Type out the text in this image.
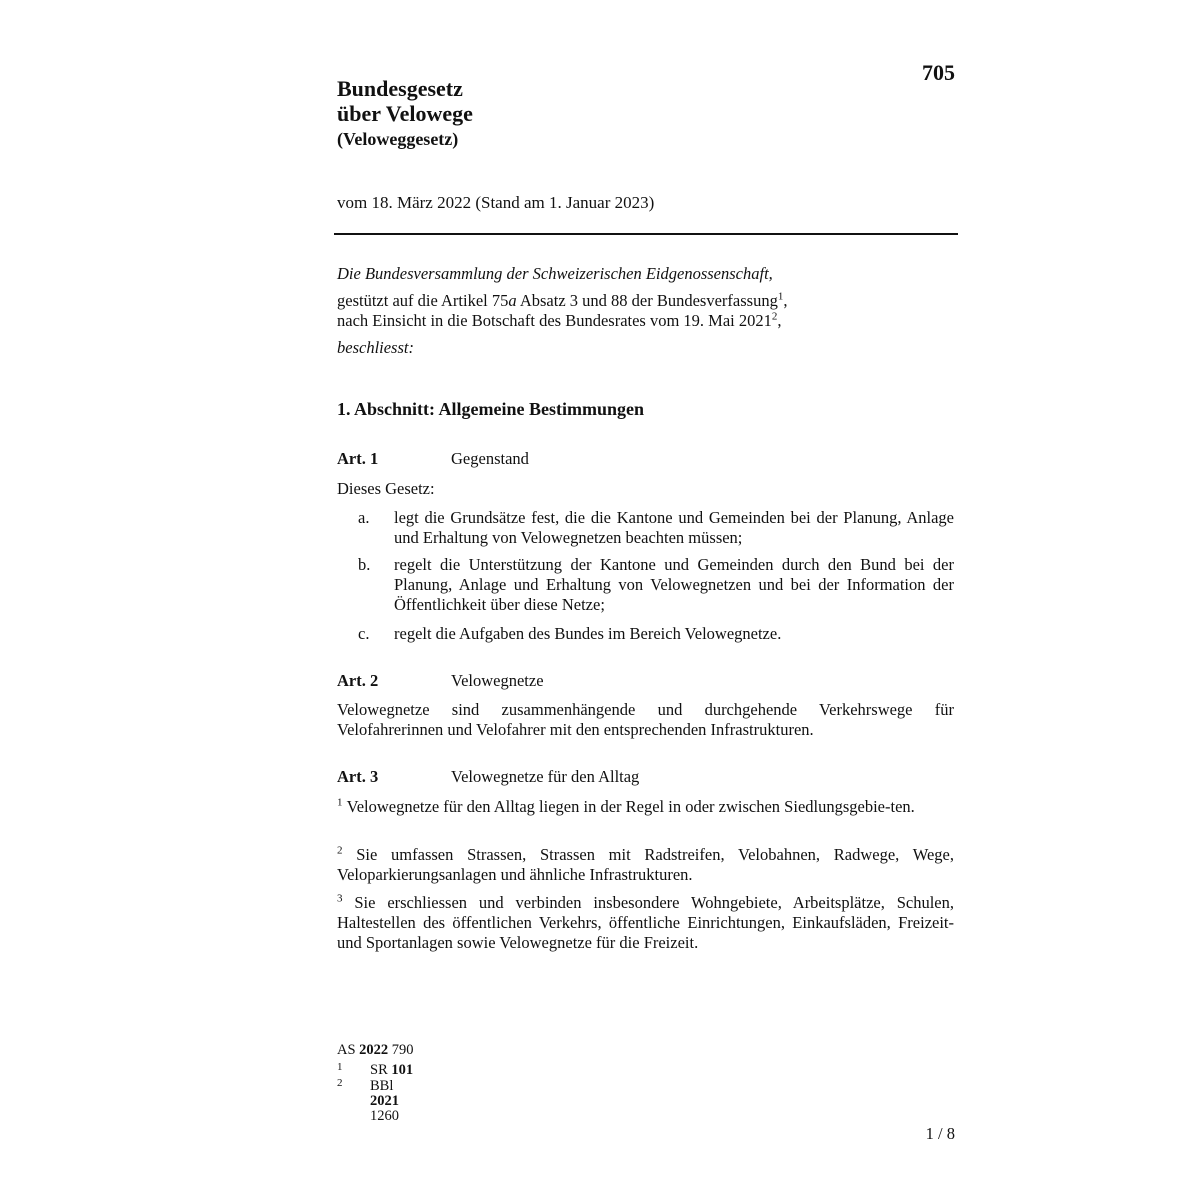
705
Bundesgesetz
über Velowege
(Veloweggesetz)
vom 18. März 2022 (Stand am 1. Januar 2023)

Die Bundesversammlung der Schweizerischen Eidgenossenschaft,

gestützt auf die Artikel 75a Absatz 3 und 88 der Bundesverfassung$^1$,

nach Einsicht in die Botschaft des Bundesrates vom 19. Mai 2021$^2$,

beschliesst:

1. Abschnitt: Allgemeine Bestimmungen
Art. 1	Gegenstand
Dieses Gesetz:
a. legt die Grundsätze fest, die die Kantone und Gemeinden bei der Planung, Anlage und Erhaltung von Velowegnetzen beachten müssen;
b. regelt die Unterstützung der Kantone und Gemeinden durch den Bund bei der Planung, Anlage und Erhaltung von Velowegnetzen und bei der Information der Öffentlichkeit über diese Netze;
c. regelt die Aufgaben des Bundes im Bereich Velowegnetze.
Art. 2	Velowegnetze
Velowegnetze sind zusammenhängende und durchgehende Verkehrswege für Velofahrerinnen und Velofahrer mit den entsprechenden Infrastrukturen.
Art. 3	Velowegnetze für den Alltag
$^1$ Velowegnetze für den Alltag liegen in der Regel in oder zwischen Siedlungsgebie-ten.
$^2$ Sie umfassen Strassen, Strassen mit Radstreifen, Velobahnen, Radwege, Wege, Veloparkierungsanlagen und ähnliche Infrastrukturen.
$^3$ Sie erschliessen und verbinden insbesondere Wohngebiete, Arbeitsplätze, Schulen, Haltestellen des öffentlichen Verkehrs, öffentliche Einrichtungen, Einkaufsläden, Freizeit- und Sportanlagen sowie Velowegnetze für die Freizeit.
AS 2022 790
1 SR 101
2 BBl 2021 1260
1 / 8
